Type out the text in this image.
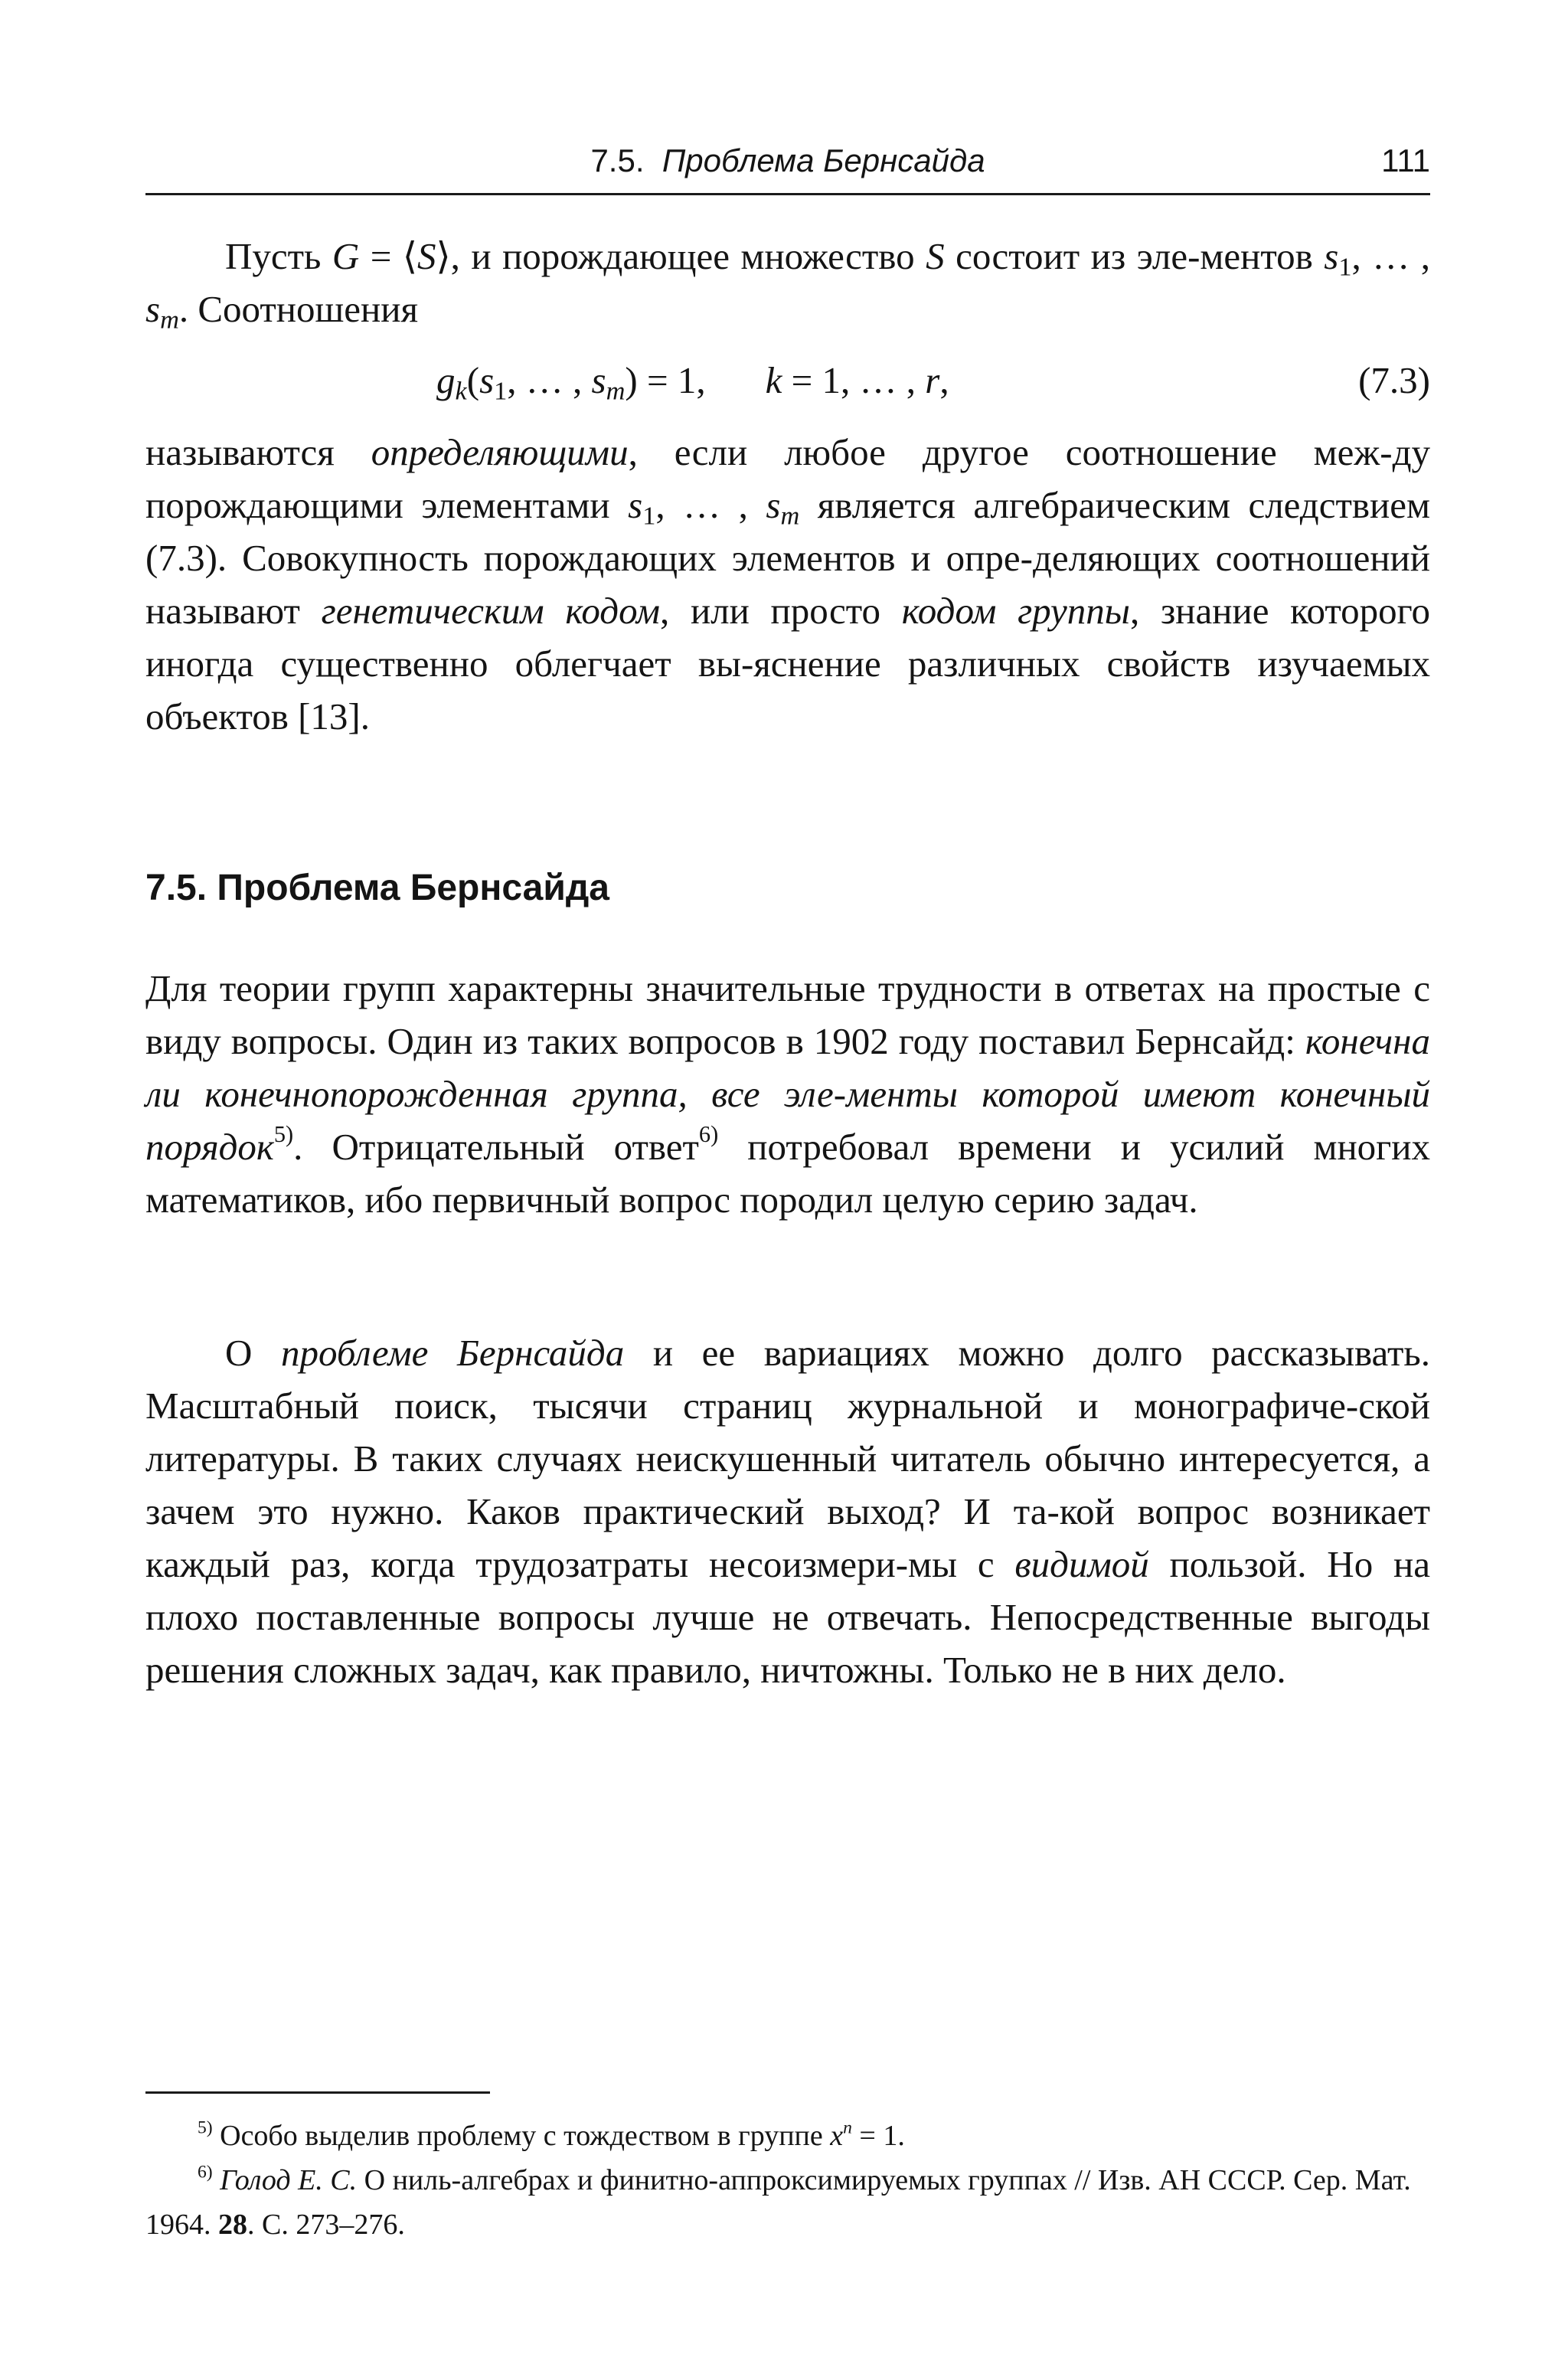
7.5. Проблема Бернсайда	111

Пусть G = ⟨S⟩, и порождающее множество S состоит из эле-ментов $s_1$, … , $s_m$. Соотношения

$g_k(s_1$, … , $s_m) = 1$, k = 1, … , r,	(7.3)

называются определяющими, если любое другое соотношение меж-ду порождающими элементами $s_1$, … , $s_m$ является алгебраическим следствием (7.3). Совокупность порождающих элементов и опре-деляющих соотношений называют генетическим кодом, или просто кодом группы, знание которого иногда существенно облегчает вы-яснение различных свойств изучаемых объектов [13].

7.5. Проблема Бернсайда

Для теории групп характерны значительные трудности в ответах на простые с виду вопросы. Один из таких вопросов в 1902 году поставил Бернсайд: конечна ли конечнопорожденная группа, все эле-менты которой имеют конечный порядок$^{5)}$. Отрицательный ответ$^{6)}$ потребовал времени и усилий многих математиков, ибо первичный вопрос породил целую серию задач.

О проблеме Бернсайда и ее вариациях можно долго рассказывать. Масштабный поиск, тысячи страниц журнальной и монографиче-ской литературы. В таких случаях неискушенный читатель обычно интересуется, а зачем это нужно. Каков практический выход? И та-кой вопрос возникает каждый раз, когда трудозатраты несоизмери-мы с видимой пользой. Но на плохо поставленные вопросы лучше не отвечать. Непосредственные выгоды решения сложных задач, как правило, ничтожны. Только не в них дело.

$^{5)}$ Особо выделив проблему с тождеством в группе $x^n = 1$.

$^{6)}$ Голод Е. С. О ниль-алгебрах и финитно-аппроксимируемых группах // Изв. АН СССР. Сер. Мат. 1964. 28. С. 273–276.
